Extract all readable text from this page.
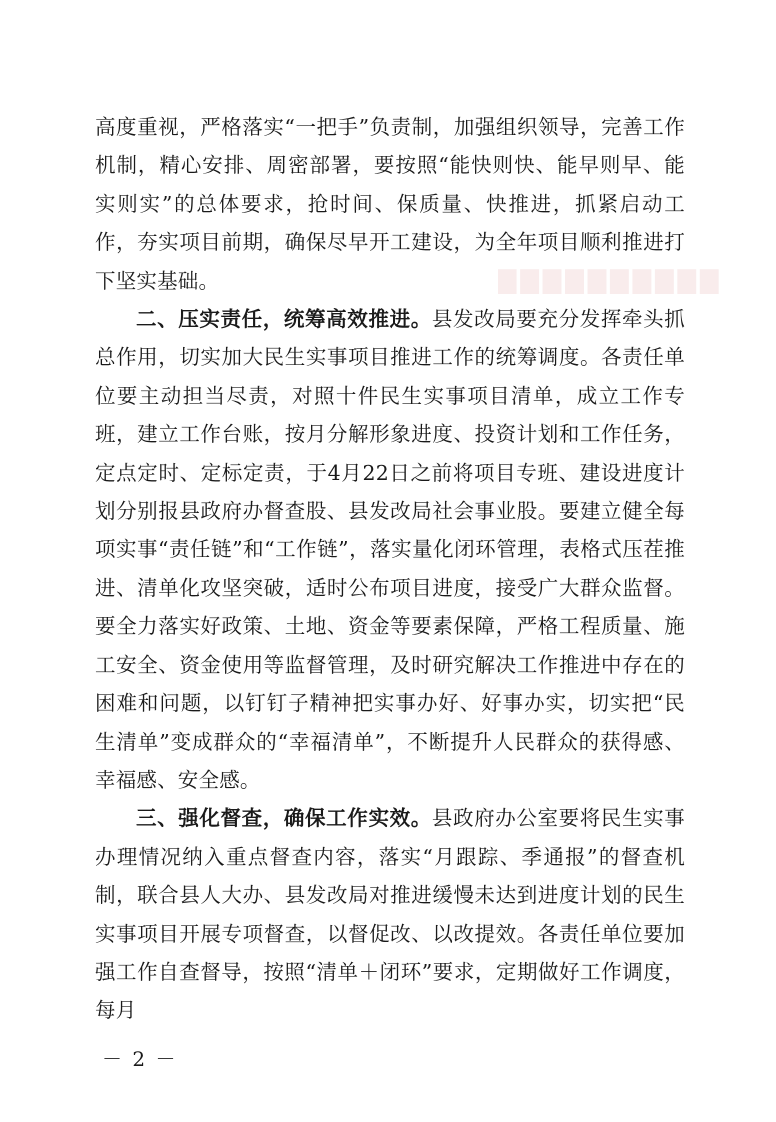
▇▇▇▇▇▇▇▇▇▇

高度重视，严格落实“一把手”负责制，加强组织领导，完善工作机制，精心安排、周密部署，要按照“能快则快、能早则早、能实则实”的总体要求，抢时间、保质量、快推进，抓紧启动工作，夯实项目前期，确保尽早开工建设，为全年项目顺利推进打下坚实基础。

二、压实责任，统筹高效推进。县发改局要充分发挥牵头抓总作用，切实加大民生实事项目推进工作的统筹调度。各责任单位要主动担当尽责，对照十件民生实事项目清单，成立工作专班，建立工作台账，按月分解形象进度、投资计划和工作任务，定点定时、定标定责，于4月22日之前将项目专班、建设进度计划分别报县政府办督查股、县发改局社会事业股。要建立健全每项实事“责任链”和“工作链”，落实量化闭环管理，表格式压茬推进、清单化攻坚突破，适时公布项目进度，接受广大群众监督。要全力落实好政策、土地、资金等要素保障，严格工程质量、施工安全、资金使用等监督管理，及时研究解决工作推进中存在的困难和问题，以钉钉子精神把实事办好、好事办实，切实把“民生清单”变成群众的“幸福清单”，不断提升人民群众的获得感、幸福感、安全感。

三、强化督查，确保工作实效。县政府办公室要将民生实事办理情况纳入重点督查内容，落实“月跟踪、季通报”的督查机制，联合县人大办、县发改局对推进缓慢未达到进度计划的民生实事项目开展专项督查，以督促改、以改提效。各责任单位要加强工作自查督导，按照“清单＋闭环”要求，定期做好工作调度，每月

－ 2 －
